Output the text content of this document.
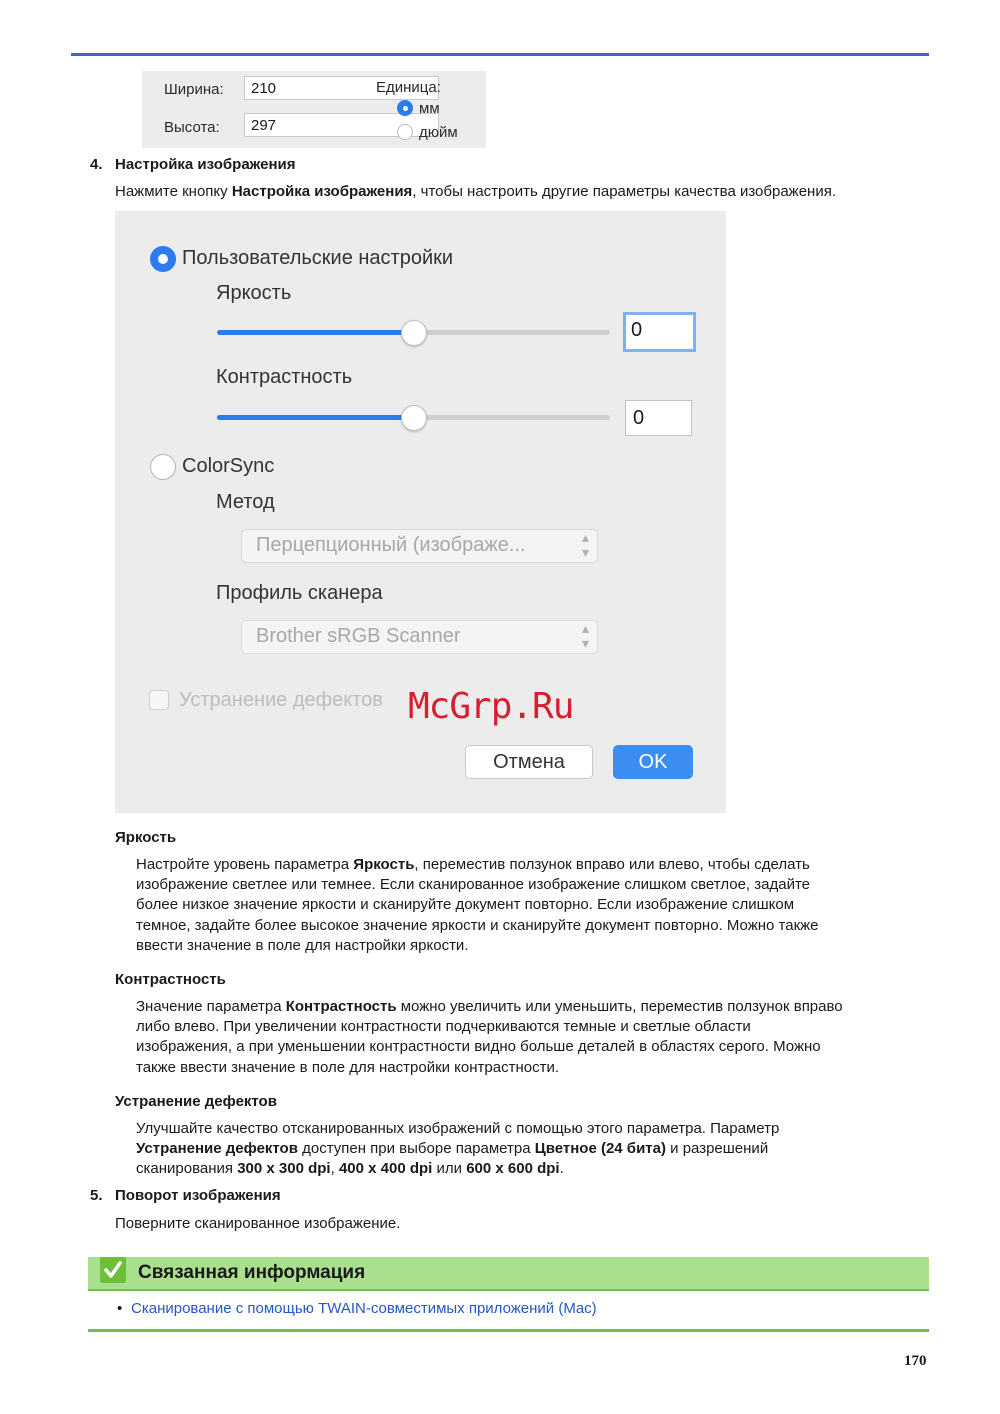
Ширина:	210
Высота:	297
Единица:
мм
дюйм
4. Настройка изображения
Нажмите кнопку Настройка изображения, чтобы настроить другие параметры качества изображения.
Пользовательские настройки
Яркость
0
Контрастность
0
ColorSync
Метод
Перцепционный (изображе...	▴
▾
Профиль сканера
Brother sRGB Scanner	▴
▾
Устранение дефектов
Отмена	OK
McGrp.Ru
Яркость
Настройте уровень параметра Яркость, переместив ползунок вправо или влево, чтобы сделать
изображение светлее или темнее. Если сканированное изображение слишком светлое, задайте
более низкое значение яркости и сканируйте документ повторно. Если изображение слишком
темное, задайте более высокое значение яркости и сканируйте документ повторно. Можно также
ввести значение в поле для настройки яркости.
Контрастность
Значение параметра Контрастность можно увеличить или уменьшить, переместив ползунок вправо
либо влево. При увеличении контрастности подчеркиваются темные и светлые области
изображения, а при уменьшении контрастности видно больше деталей в областях серого. Можно
также ввести значение в поле для настройки контрастности.
Устранение дефектов
Улучшайте качество отсканированных изображений с помощью этого параметра. Параметр
Устранение дефектов доступен при выборе параметра Цветное (24 бита) и разрешений
сканирования 300 x 300 dpi, 400 x 400 dpi или 600 x 600 dpi.
5. Поворот изображения
Поверните сканированное изображение.
Связанная информация
• Сканирование с помощью TWAIN-совместимых приложений (Mac)
170
